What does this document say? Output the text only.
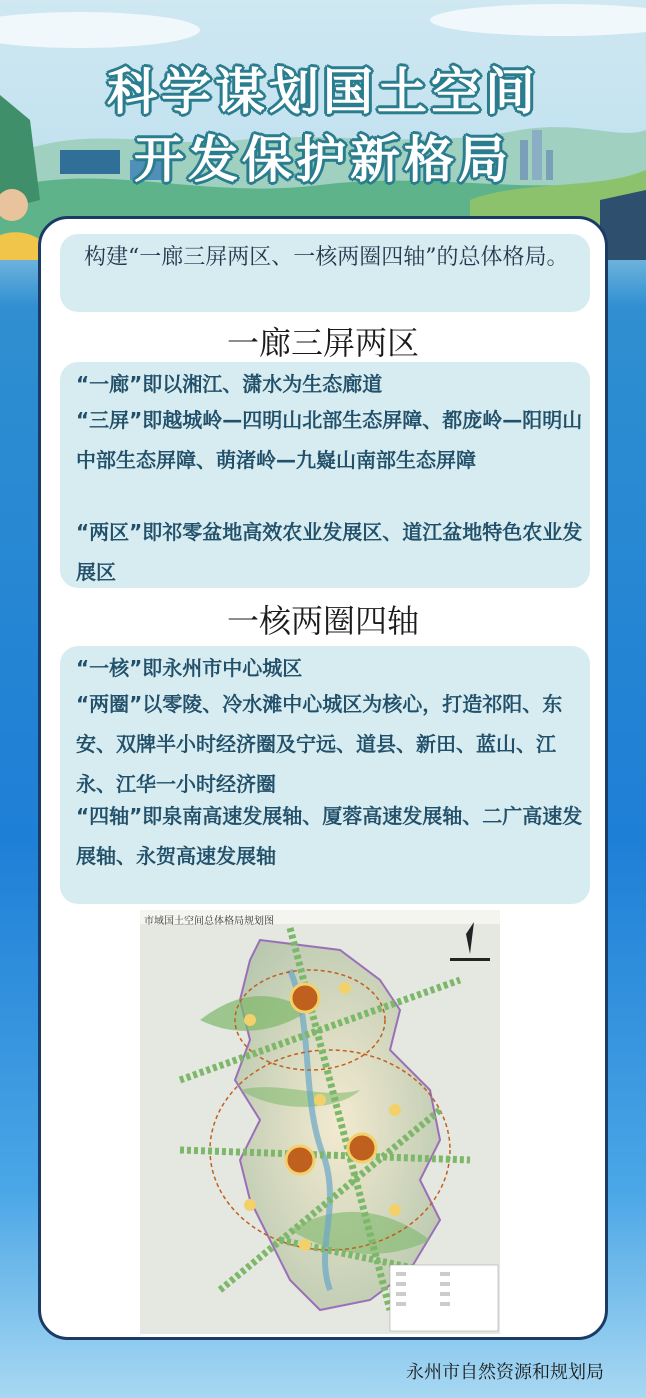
科学谋划国土空间
开发保护新格局
构建“一廊三屏两区、一核两圈四轴”的总体格局。
一廊三屏两区
“一廊”即以湘江、潇水为生态廊道
“三屏”即越城岭—四明山北部生态屏障、都庞岭—阳明山中部生态屏障、萌渚岭—九嶷山南部生态屏障
“两区”即祁零盆地高效农业发展区、道江盆地特色农业发展区
一核两圈四轴
“一核”即永州市中心城区
“两圈”以零陵、冷水滩中心城区为核心，打造祁阳、东安、双牌半小时经济圈及宁远、道县、新田、蓝山、江永、江华一小时经济圈
“四轴”即泉南高速发展轴、厦蓉高速发展轴、二广高速发展轴、永贺高速发展轴
市域国土空间总体格局规划图
永州市自然资源和规划局
